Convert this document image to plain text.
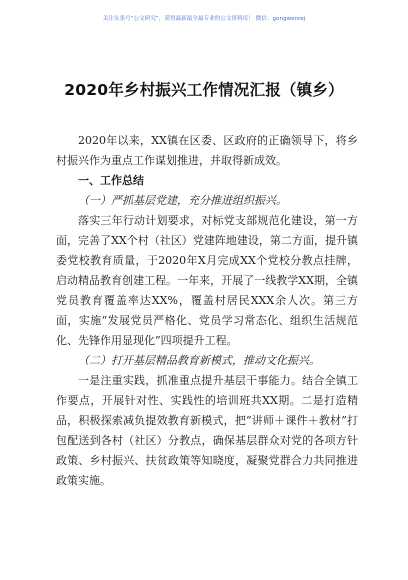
关注头条号“公文研究”，获得最新最全最专业的公文资料库！ 微信：gongwenrej
2020年乡村振兴工作情况汇报（镇乡）

2020年以来，XX镇在区委、区政府的正确领导下，将乡村振兴作为重点工作谋划推进，并取得新成效。

一、工作总结

（一）严抓基层党建，充分推进组织振兴。

落实三年行动计划要求，对标党支部规范化建设，第一方面，完善了XX个村（社区）党建阵地建设，第二方面，提升镇委党校教育质量，于2020年X月完成XX个党校分教点挂牌，启动精品教育创建工程。一年来，开展了一线教学XX期，全镇党员教育覆盖率达XX%，覆盖村居民XXX余人次。第三方面，实施“发展党员严格化、党员学习常态化、组织生活规范化、先锋作用显现化”四项提升工程。

（二）打开基层精品教育新模式，推动文化振兴。

一是注重实践，抓准重点提升基层干事能力。结合全镇工作要点，开展针对性、实践性的培训班共XX期。二是打造精品，积极探索减负提效教育新模式，把“讲师＋课件＋教材”打包配送到各村（社区）分教点，确保基层群众对党的各项方针政策、乡村振兴、扶贫政策等知晓度，凝聚党群合力共同推进政策实施。
